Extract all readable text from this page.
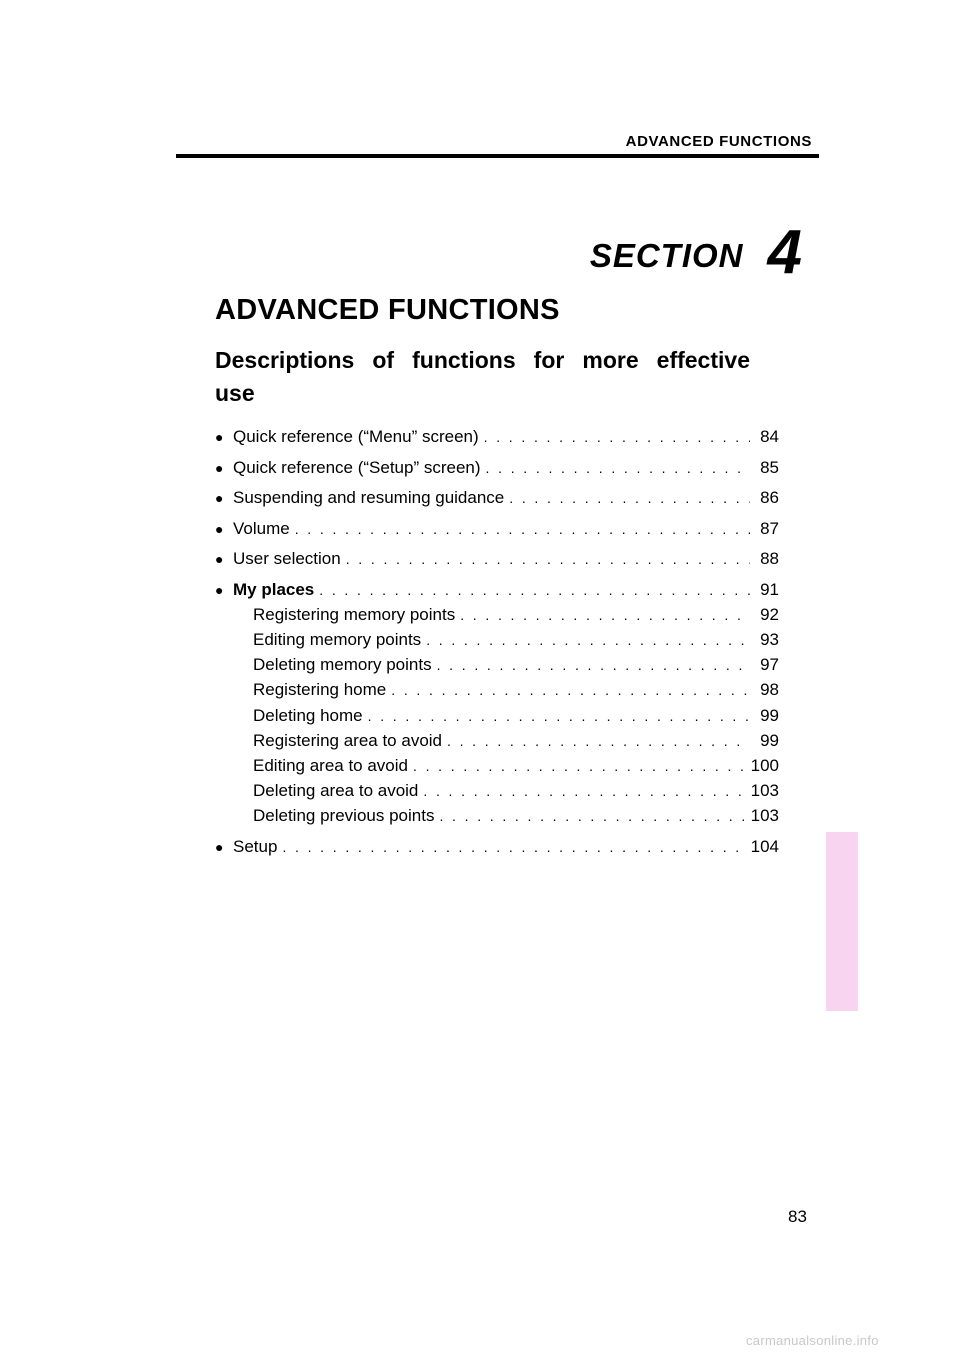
ADVANCED FUNCTIONS
SECTION 4
ADVANCED FUNCTIONS
Descriptions of functions for more effective use
● Quick reference (“Menu” screen) . . .	84
● Quick reference (“Setup” screen) . . .	85
● Suspending and resuming guidance . . .	86
● Volume . . .	87
● User selection . . .	88
● My places . . .	91
Registering memory points . . .	92
Editing memory points . . .	93
Deleting memory points . . .	97
Registering home . . .	98
Deleting home . . .	99
Registering area to avoid . . .	99
Editing area to avoid . . .	100
Deleting area to avoid . . .	103
Deleting previous points . . .	103
● Setup . . .	104
83
carmanualsonline.info
